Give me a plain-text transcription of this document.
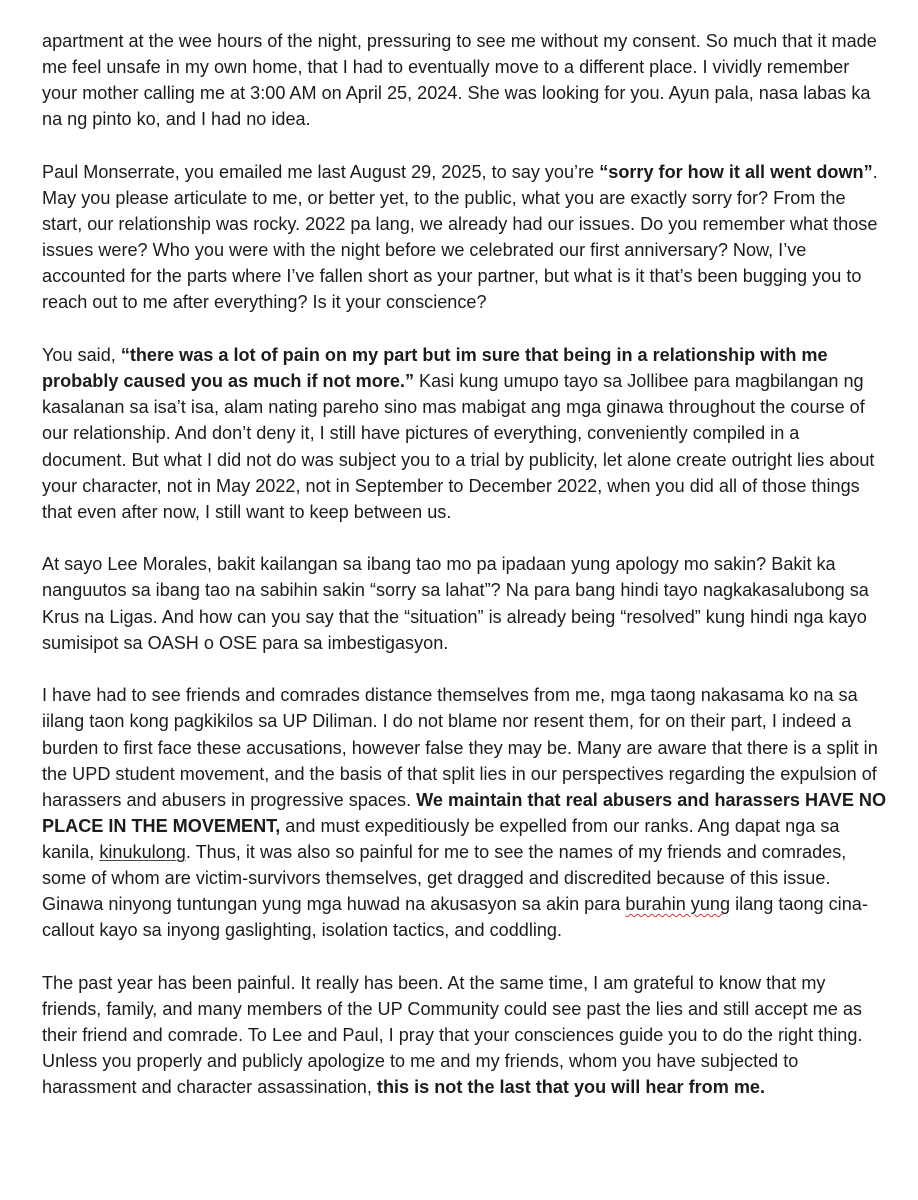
apartment at the wee hours of the night, pressuring to see me without my consent. So much that it made me feel unsafe in my own home, that I had to eventually move to a different place. I vividly remember your mother calling me at 3:00 AM on April 25, 2024. She was looking for you. Ayun pala, nasa labas ka na ng pinto ko, and I had no idea.

Paul Monserrate, you emailed me last August 29, 2025, to say you’re “sorry for how it all went down”. May you please articulate to me, or better yet, to the public, what you are exactly sorry for? From the start, our relationship was rocky. 2022 pa lang, we already had our issues. Do you remember what those issues were? Who you were with the night before we celebrated our first anniversary? Now, I’ve accounted for the parts where I’ve fallen short as your partner, but what is it that’s been bugging you to reach out to me after everything? Is it your conscience?

You said, “there was a lot of pain on my part but im sure that being in a relationship with me probably caused you as much if not more.” Kasi kung umupo tayo sa Jollibee para magbilangan ng kasalanan sa isa’t isa, alam nating pareho sino mas mabigat ang mga ginawa throughout the course of our relationship. And don’t deny it, I still have pictures of everything, conveniently compiled in a document. But what I did not do was subject you to a trial by publicity, let alone create outright lies about your character, not in May 2022, not in September to December 2022, when you did all of those things that even after now, I still want to keep between us.

At sayo Lee Morales, bakit kailangan sa ibang tao mo pa ipadaan yung apology mo sakin? Bakit ka nanguutos sa ibang tao na sabihin sakin “sorry sa lahat”? Na para bang hindi tayo nagkakasalubong sa Krus na Ligas. And how can you say that the “situation” is already being “resolved” kung hindi nga kayo sumisipot sa OASH o OSE para sa imbestigasyon.

I have had to see friends and comrades distance themselves from me, mga taong nakasama ko na sa iilang taon kong pagkikilos sa UP Diliman. I do not blame nor resent them, for on their part, I indeed a burden to first face these accusations, however false they may be. Many are aware that there is a split in the UPD student movement, and the basis of that split lies in our perspectives regarding the expulsion of harassers and abusers in progressive spaces. We maintain that real abusers and harassers HAVE NO PLACE IN THE MOVEMENT, and must expeditiously be expelled from our ranks. Ang dapat nga sa kanila, kinukulong. Thus, it was also so painful for me to see the names of my friends and comrades, some of whom are victim-survivors themselves, get dragged and discredited because of this issue. Ginawa ninyong tuntungan yung mga huwad na akusasyon sa akin para burahin yung ilang taong cina-callout kayo sa inyong gaslighting, isolation tactics, and coddling.

The past year has been painful. It really has been. At the same time, I am grateful to know that my friends, family, and many members of the UP Community could see past the lies and still accept me as their friend and comrade. To Lee and Paul, I pray that your consciences guide you to do the right thing. Unless you properly and publicly apologize to me and my friends, whom you have subjected to harassment and character assassination, this is not the last that you will hear from me.
